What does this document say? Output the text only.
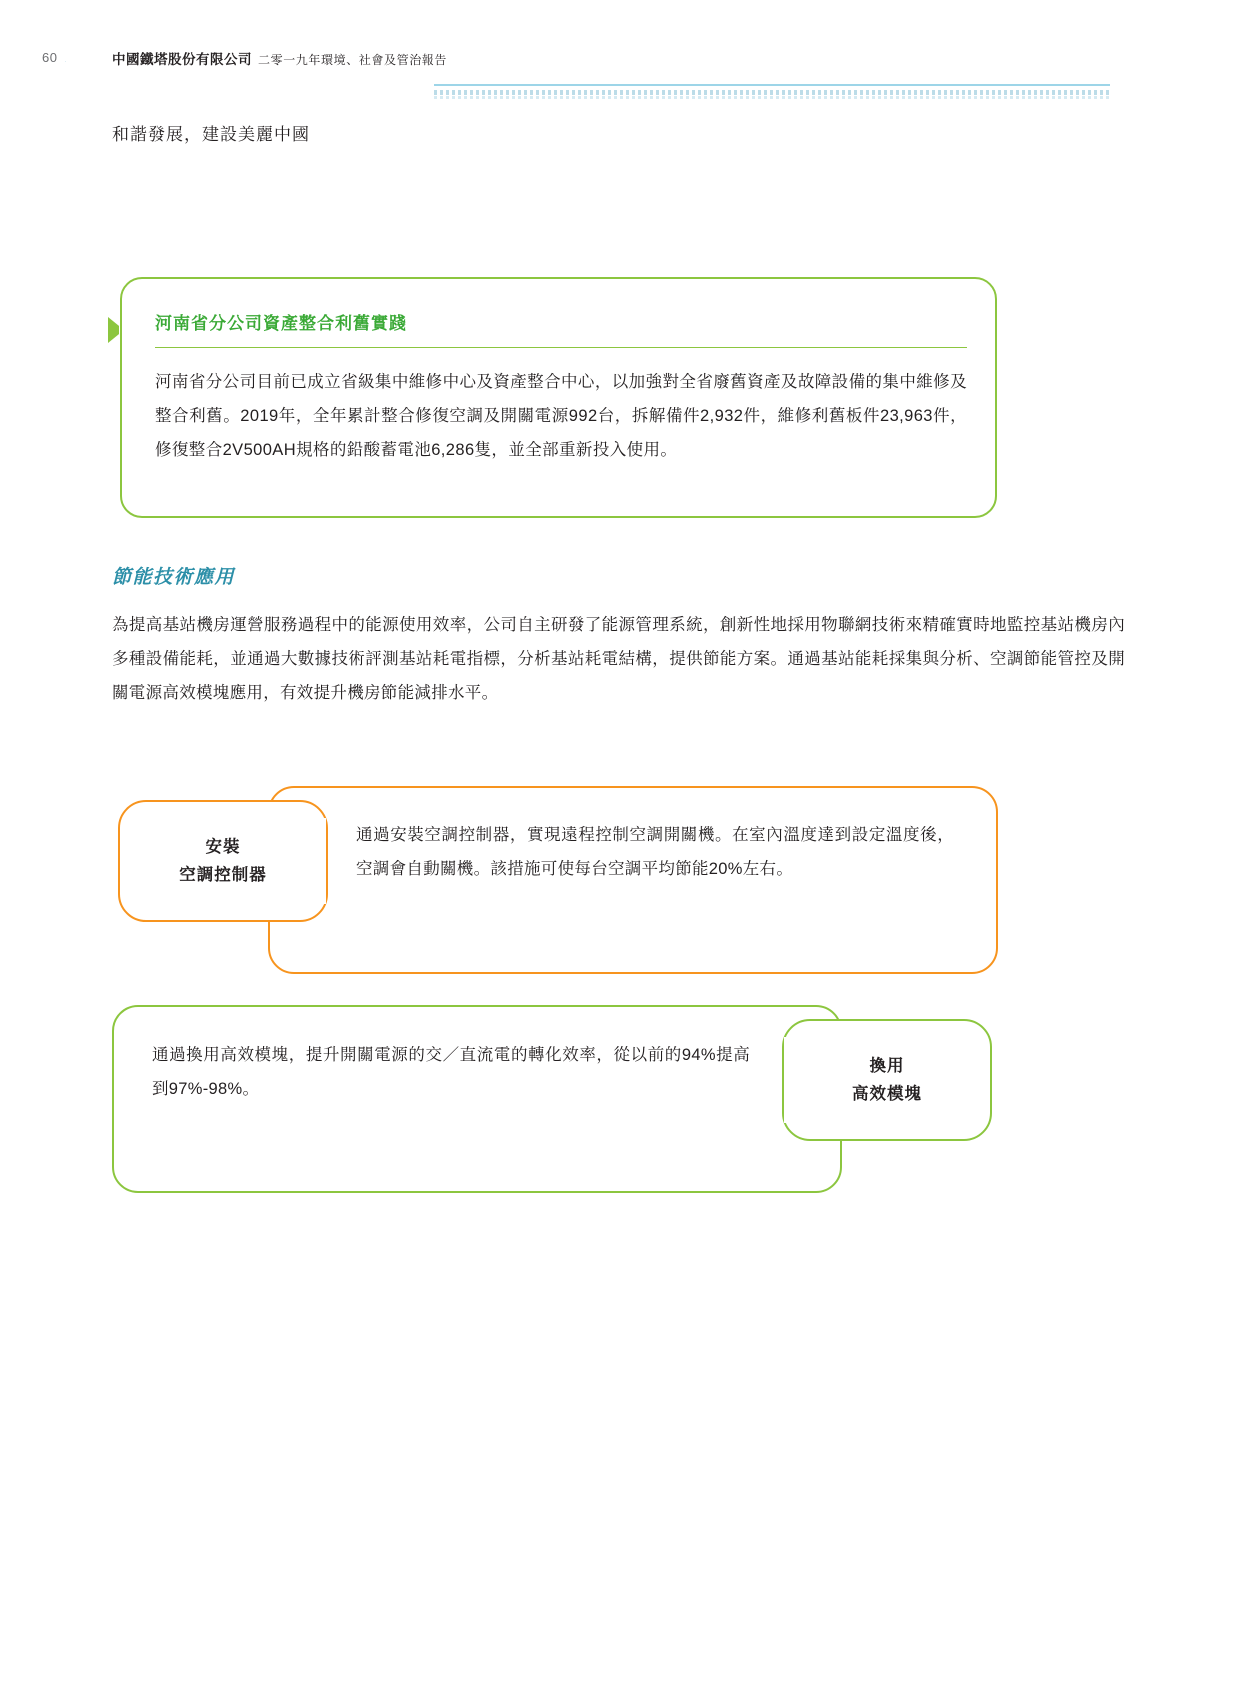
60	中國鐵塔股份有限公司 二零一九年環境、社會及管治報告
和諧發展，建設美麗中國
河南省分公司資產整合利舊實踐
河南省分公司目前已成立省級集中維修中心及資產整合中心，以加強對全省廢舊資產及故障設備的集中維修及整合利舊。2019年，全年累計整合修復空調及開關電源992台，拆解備件2,932件，維修利舊板件23,963件，修復整合2V500AH規格的鉛酸蓄電池6,286隻，並全部重新投入使用。
節能技術應用
為提高基站機房運營服務過程中的能源使用效率，公司自主研發了能源管理系統，創新性地採用物聯網技術來精確實時地監控基站機房內多種設備能耗，並通過大數據技術評測基站耗電指標，分析基站耗電結構，提供節能方案。通過基站能耗採集與分析、空調節能管控及開關電源高效模塊應用，有效提升機房節能減排水平。
安裝
空調控制器
通過安裝空調控制器，實現遠程控制空調開關機。在室內溫度達到設定溫度後，空調會自動關機。該措施可使每台空調平均節能20%左右。
換用
高效模塊
通過換用高效模塊，提升開關電源的交／直流電的轉化效率，從以前的94%提高到97%-98%。
